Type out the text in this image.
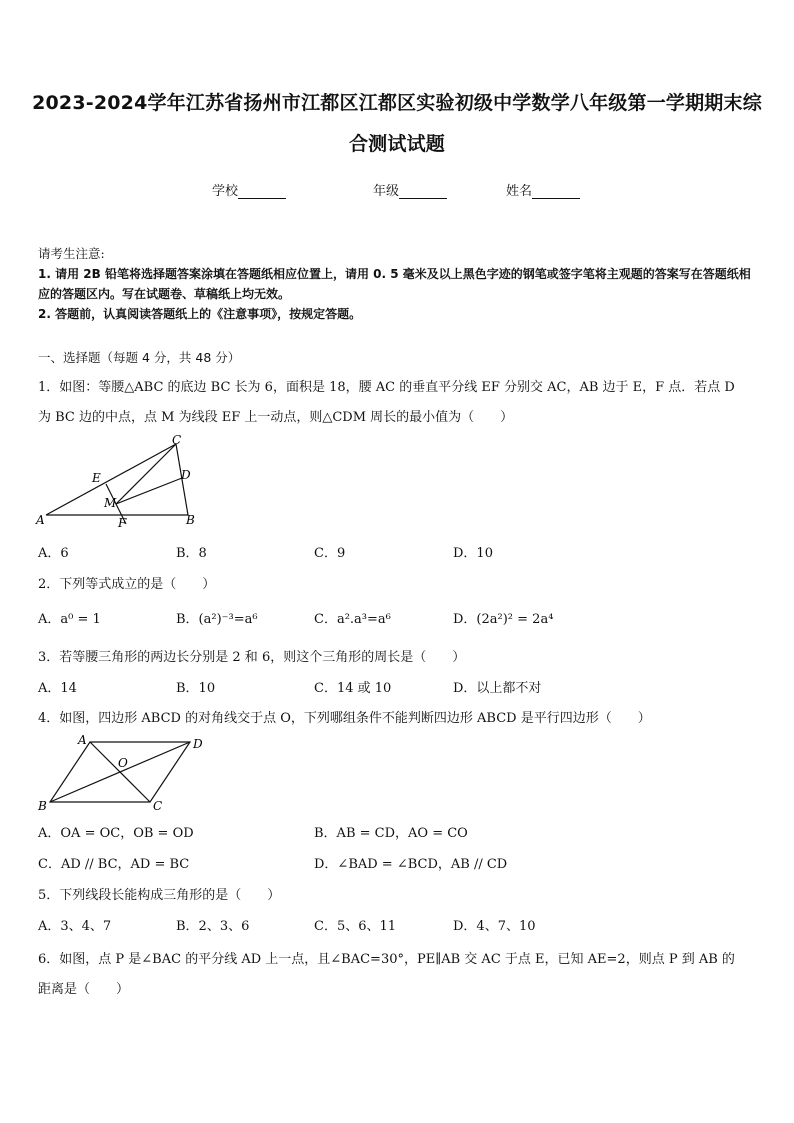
2023-2024学年江苏省扬州市江都区江都区实验初级中学数学八年级第一学期期末综
合测试试题
学校	年级	姓名
请考生注意:
1. 请用 2B 铅笔将选择题答案涂填在答题纸相应位置上，请用 0. 5 毫米及以上黑色字迹的钢笔或签字笔将主观题的答案写在答题纸相应的答题区内。写在试题卷、草稿纸上均无效。
2. 答题前，认真阅读答题纸上的《注意事项》，按规定答题。
一、选择题（每题 4 分，共 48 分）
1．如图：等腰△ABC 的底边 BC 长为 6，面积是 18，腰 AC 的垂直平分线 EF 分别交 AC，AB 边于 E，F 点．若点 D
为 BC 边的中点，点 M 为线段 EF 上一动点，则△CDM 周长的最小值为（　　）
C
E	D
M
A	F	B
A．6	B．8	C．9	D．10
2．下列等式成立的是（　　）
A．a⁰ = 1	B．(a²)⁻³=a⁶	C．a².a³=a⁶	D．(2a²)² = 2a⁴
3．若等腰三角形的两边长分别是 2 和 6，则这个三角形的周长是（　　）
A．14	B．10	C．14 或 10	D．以上都不对
4．如图，四边形 ABCD 的对角线交于点 O，下列哪组条件不能判断四边形 ABCD 是平行四边形（　　）
A	D
O
B	C
A．OA = OC，OB = OD	B．AB = CD，AO = CO
C．AD // BC，AD = BC	D．∠BAD = ∠BCD，AB // CD
5．下列线段长能构成三角形的是（　　）
A．3、4、7	B．2、3、6	C．5、6、11	D．4、7、10
6．如图，点 P 是∠BAC 的平分线 AD 上一点，且∠BAC=30°，PE∥AB 交 AC 于点 E，已知 AE=2，则点 P 到 AB 的
距离是（　　）
